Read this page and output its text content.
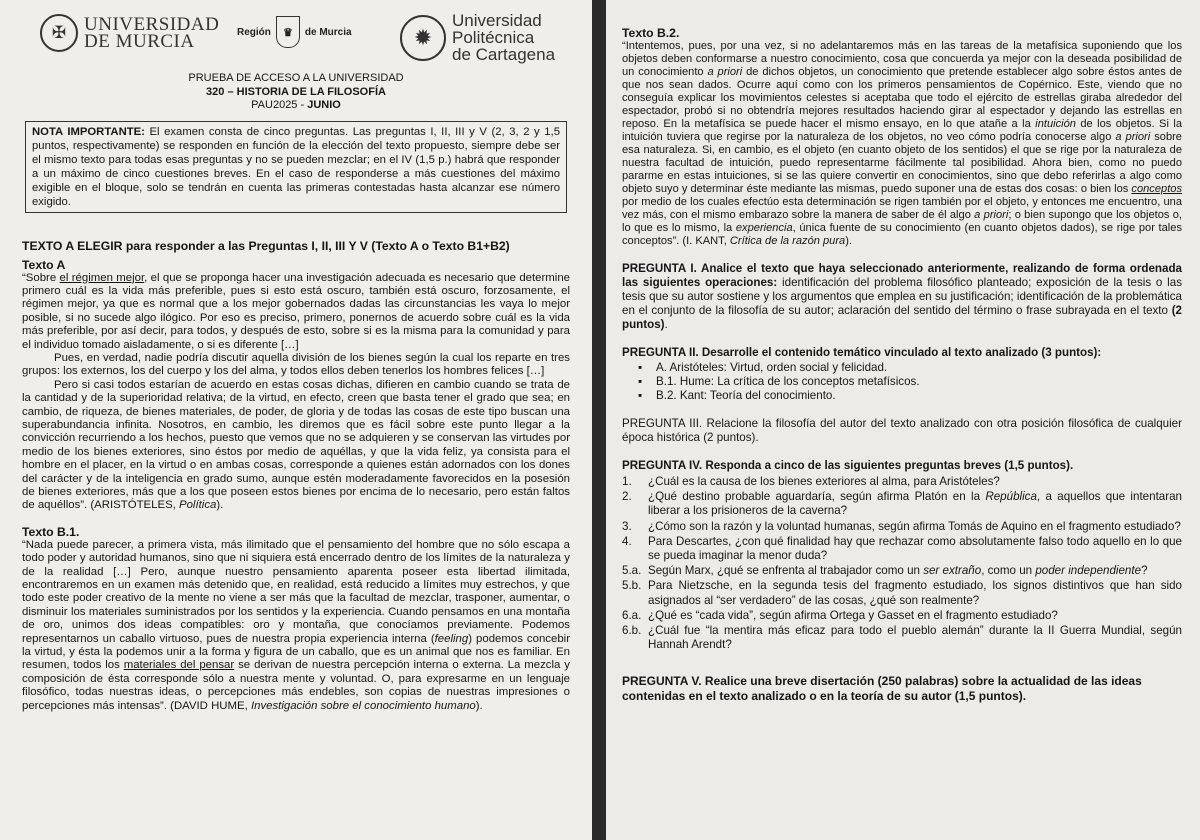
✠ UNIVERSIDAD
DE MURCIA	Región	♛	de Murcia	✹
Universidad
Politécnica
de Cartagena
PRUEBA DE ACCESO A LA UNIVERSIDAD
320 – HISTORIA DE LA FILOSOFÍA
PAU2025 - JUNIO
NOTA IMPORTANTE: El examen consta de cinco preguntas. Las preguntas I, II, III y V (2, 3, 2 y 1,5 puntos, respectivamente) se responden en función de la elección del texto propuesto, siempre debe ser el mismo texto para todas esas preguntas y no se pueden mezclar; en el IV (1,5 p.) habrá que responder a un máximo de cinco cuestiones breves. En el caso de responderse a más cuestiones del máximo exigible en el bloque, solo se tendrán en cuenta las primeras contestadas hasta alcanzar ese número exigido.
TEXTO A ELEGIR para responder a las Preguntas I, II, III Y V (Texto A o Texto B1+B2)
Texto A

“Sobre el régimen mejor, el que se proponga hacer una investigación adecuada es necesario que determine primero cuál es la vida más preferible, pues si esto está oscuro, también está oscuro, forzosamente, el régimen mejor, ya que es normal que a los mejor gobernados dadas las circunstancias les vaya lo mejor posible, si no sucede algo ilógico. Por eso es preciso, primero, ponernos de acuerdo sobre cuál es la vida más preferible, por así decir, para todos, y después de esto, sobre si es la misma para la comunidad y para el individuo tomado aisladamente, o si es diferente […]

Pues, en verdad, nadie podría discutir aquella división de los bienes según la cual los reparte en tres grupos: los externos, los del cuerpo y los del alma, y todos ellos deben tenerlos los hombres felices […]

Pero si casi todos estarían de acuerdo en estas cosas dichas, difieren en cambio cuando se trata de la cantidad y de la superioridad relativa; de la virtud, en efecto, creen que basta tener el grado que sea; en cambio, de riqueza, de bienes materiales, de poder, de gloria y de todas las cosas de este tipo buscan una superabundancia infinita. Nosotros, en cambio, les diremos que es fácil sobre este punto llegar a la convicción recurriendo a los hechos, puesto que vemos que no se adquieren y se conservan las virtudes por medio de los bienes exteriores, sino éstos por medio de aquéllas, y que la vida feliz, ya consista para el hombre en el placer, en la virtud o en ambas cosas, corresponde a quienes están adornados con los dones del carácter y de la inteligencia en grado sumo, aunque estén moderadamente favorecidos en la posesión de bienes exteriores, más que a los que poseen estos bienes por encima de lo necesario, pero están faltos de aquéllos”. (ARISTÓTELES, Política).

Texto B.1.

“Nada puede parecer, a primera vista, más ilimitado que el pensamiento del hombre que no sólo escapa a todo poder y autoridad humanos, sino que ni siquiera está encerrado dentro de los límites de la naturaleza y de la realidad […] Pero, aunque nuestro pensamiento aparenta poseer esta libertad ilimitada, encontraremos en un examen más detenido que, en realidad, está reducido a límites muy estrechos, y que todo este poder creativo de la mente no viene a ser más que la facultad de mezclar, trasponer, aumentar, o disminuir los materiales suministrados por los sentidos y la experiencia. Cuando pensamos en una montaña de oro, unimos dos ideas compatibles: oro y montaña, que conocíamos previamente. Podemos representarnos un caballo virtuoso, pues de nuestra propia experiencia interna (feeling) podemos concebir la virtud, y ésta la podemos unir a la forma y figura de un caballo, que es un animal que nos es familiar. En resumen, todos los materiales del pensar se derivan de nuestra percepción interna o externa. La mezcla y composición de ésta corresponde sólo a nuestra mente y voluntad. O, para expresarme en un lenguaje filosófico, todas nuestras ideas, o percepciones más endebles, son copias de nuestras impresiones o percepciones más intensas”. (DAVID HUME, Investigación sobre el conocimiento humano).

Texto B.2.

“Intentemos, pues, por una vez, si no adelantaremos más en las tareas de la metafísica suponiendo que los objetos deben conformarse a nuestro conocimiento, cosa que concuerda ya mejor con la deseada posibilidad de un conocimiento a priori de dichos objetos, un conocimiento que pretende establecer algo sobre éstos antes de que nos sean dados. Ocurre aquí como con los primeros pensamientos de Copérnico. Este, viendo que no conseguía explicar los movimientos celestes si aceptaba que todo el ejército de estrellas giraba alrededor del espectador, probó si no obtendría mejores resultados haciendo girar al espectador y dejando las estrellas en reposo. En la metafísica se puede hacer el mismo ensayo, en lo que atañe a la intuición de los objetos. Si la intuición tuviera que regirse por la naturaleza de los objetos, no veo cómo podría conocerse algo a priori sobre esa naturaleza. Si, en cambio, es el objeto (en cuanto objeto de los sentidos) el que se rige por la naturaleza de nuestra facultad de intuición, puedo representarme fácilmente tal posibilidad. Ahora bien, como no puedo pararme en estas intuiciones, si se las quiere convertir en conocimientos, sino que debo referirlas a algo como objeto suyo y determinar éste mediante las mismas, puedo suponer una de estas dos cosas: o bien los conceptos por medio de los cuales efectúo esta determinación se rigen también por el objeto, y entonces me encuentro, una vez más, con el mismo embarazo sobre la manera de saber de él algo a priori; o bien supongo que los objetos o, lo que es lo mismo, la experiencia, única fuente de su conocimiento (en cuanto objetos dados), se rige por tales conceptos”. (I. KANT, Crítica de la razón pura).

PREGUNTA I. Analice el texto que haya seleccionado anteriormente, realizando de forma ordenada las siguientes operaciones: identificación del problema filosófico planteado; exposición de la tesis o las tesis que su autor sostiene y los argumentos que emplea en su justificación; identificación de la problemática en el conjunto de la filosofía de su autor; aclaración del sentido del término o frase subrayada en el texto (2 puntos).
PREGUNTA II. Desarrolle el contenido temático vinculado al texto analizado (3 puntos):
▪ A. Aristóteles: Virtud, orden social y felicidad.
▪ B.1. Hume: La crítica de los conceptos metafísicos.
▪ B.2. Kant: Teoría del conocimiento.
PREGUNTA III. Relacione la filosofía del autor del texto analizado con otra posición filosófica de cualquier época histórica (2 puntos).
PREGUNTA IV. Responda a cinco de las siguientes preguntas breves (1,5 puntos).
1.	¿Cuál es la causa de los bienes exteriores al alma, para Aristóteles?
2.	¿Qué destino probable aguardaría, según afirma Platón en la República, a aquellos que intentaran liberar a los prisioneros de la caverna?
3.	¿Cómo son la razón y la voluntad humanas, según afirma Tomás de Aquino en el fragmento estudiado?
4.	Para Descartes, ¿con qué finalidad hay que rechazar como absolutamente falso todo aquello en lo que se pueda imaginar la menor duda?
5.a. Según Marx, ¿qué se enfrenta al trabajador como un ser extraño, como un poder independiente?
5.b. Para Nietzsche, en la segunda tesis del fragmento estudiado, los signos distintivos que han sido asignados al “ser verdadero” de las cosas, ¿qué son realmente?
6.a. ¿Qué es “cada vida”, según afirma Ortega y Gasset en el fragmento estudiado?
6.b. ¿Cuál fue “la mentira más eficaz para todo el pueblo alemán” durante la II Guerra Mundial, según Hannah Arendt?
PREGUNTA V. Realice una breve disertación (250 palabras) sobre la actualidad de las ideas contenidas en el texto analizado o en la teoría de su autor (1,5 puntos).
